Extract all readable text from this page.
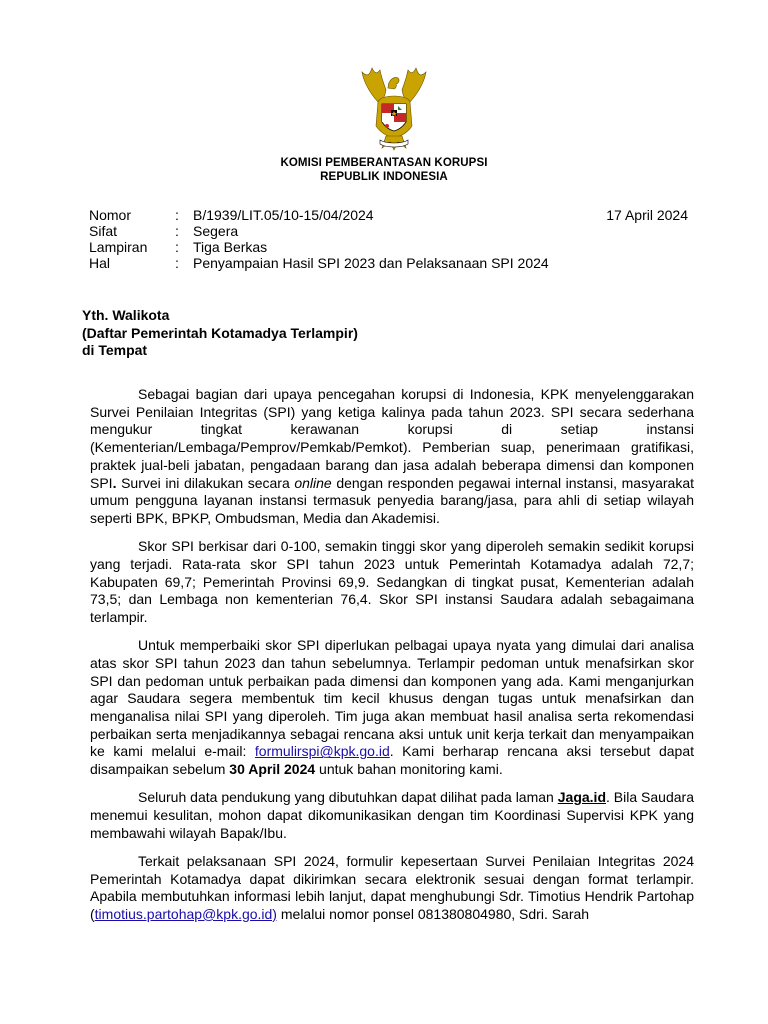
KOMISI PEMBERANTASAN KORUPSI
REPUBLIK INDONESIA
Nomor	: B/1939/LIT.05/10-15/04/2024
Sifat	: Segera
Lampiran : Tiga Berkas
Hal	: Penyampaian Hasil SPI 2023 dan Pelaksanaan SPI 2024
17 April 2024
Yth. Walikota
(Daftar Pemerintah Kotamadya Terlampir)
di Tempat

Sebagai bagian dari upaya pencegahan korupsi di Indonesia, KPK menyelenggarakan Survei Penilaian Integritas (SPI) yang ketiga kalinya pada tahun 2023. SPI secara sederhana mengukur tingkat kerawanan korupsi di setiap instansi (Kementerian/Lembaga/Pemprov/Pemkab/Pemkot). Pemberian suap, penerimaan gratifikasi, praktek jual-beli jabatan, pengadaan barang dan jasa adalah beberapa dimensi dan komponen SPI. Survei ini dilakukan secara online dengan responden pegawai internal instansi, masyarakat umum pengguna layanan instansi termasuk penyedia barang/jasa, para ahli di setiap wilayah seperti BPK, BPKP, Ombudsman, Media dan Akademisi.

Skor SPI berkisar dari 0-100, semakin tinggi skor yang diperoleh semakin sedikit korupsi yang terjadi. Rata-rata skor SPI tahun 2023 untuk Pemerintah Kotamadya adalah 72,7; Kabupaten 69,7; Pemerintah Provinsi 69,9. Sedangkan di tingkat pusat, Kementerian adalah 73,5; dan Lembaga non kementerian 76,4. Skor SPI instansi Saudara adalah sebagaimana terlampir.

Untuk memperbaiki skor SPI diperlukan pelbagai upaya nyata yang dimulai dari analisa atas skor SPI tahun 2023 dan tahun sebelumnya. Terlampir pedoman untuk menafsirkan skor SPI dan pedoman untuk perbaikan pada dimensi dan komponen yang ada. Kami menganjurkan agar Saudara segera membentuk tim kecil khusus dengan tugas untuk menafsirkan dan menganalisa nilai SPI yang diperoleh. Tim juga akan membuat hasil analisa serta rekomendasi perbaikan serta menjadikannya sebagai rencana aksi untuk unit kerja terkait dan menyampaikan ke kami melalui e-mail: formulirspi@kpk.go.id. Kami berharap rencana aksi tersebut dapat disampaikan sebelum 30 April 2024 untuk bahan monitoring kami.

Seluruh data pendukung yang dibutuhkan dapat dilihat pada laman Jaga.id. Bila Saudara menemui kesulitan, mohon dapat dikomunikasikan dengan tim Koordinasi Supervisi KPK yang membawahi wilayah Bapak/Ibu.

Terkait pelaksanaan SPI 2024, formulir kepesertaan Survei Penilaian Integritas 2024 Pemerintah Kotamadya dapat dikirimkan secara elektronik sesuai dengan format terlampir. Apabila membutuhkan informasi lebih lanjut, dapat menghubungi Sdr. Timotius Hendrik Partohap (timotius.partohap@kpk.go.id) melalui nomor ponsel 081380804980, Sdri. Sarah
